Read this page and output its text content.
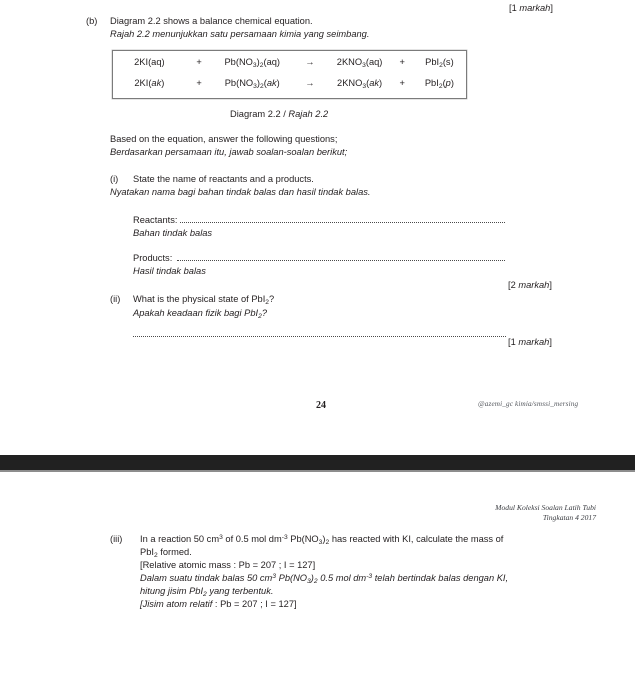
[1 markah]
(b) Diagram 2.2 shows a balance chemical equation.
Rajah 2.2 menunjukkan satu persamaan kimia yang seimbang.
2KI(aq)	+	$Pb(NO_3)_2(aq)$	→	$2KNO_3(aq)$	+	PbI$_2$(s)
2KI(ak)	+	$Pb(NO_3)_2(ak)$	→	$2KNO_3(ak)$	+	PbI$_2$(p)
Diagram 2.2 / Rajah 2.2
Based on the equation, answer the following questions;
Berdasarkan persamaan itu, jawab soalan-soalan berikut;
(i) State the name of reactants and a products.
Nyatakan nama bagi bahan tindak balas dan hasil tindak balas.
Reactants:
Bahan tindak balas
Products:
Hasil tindak balas
[2 markah]
(ii) What is the physical state of PbI$_2$?
Apakah keadaan fizik bagi PbI$_2$?
[1 markah]
24	@azemi_gc kimia/smssi_mersing
Modul Koleksi Soalan Latih Tubi
Tingkatan 4 2017
(iii) In a reaction 50 $cm^3$ of 0.5 mol $dm^{-3}$ $Pb(NO_3)_2$ has reacted with KI, calculate the mass of
PbI$_2$ formed.
[Relative atomic mass : Pb = 207 ; I = 127]
Dalam suatu tindak balas 50 $cm^3$ $Pb(NO_3)_2$ 0.5 mol $dm^{-3}$ telah bertindak balas dengan KI,
hitung jisim PbI$_2$ yang terbentuk.
[Jisim atom relatif : Pb = 207 ; I = 127]
